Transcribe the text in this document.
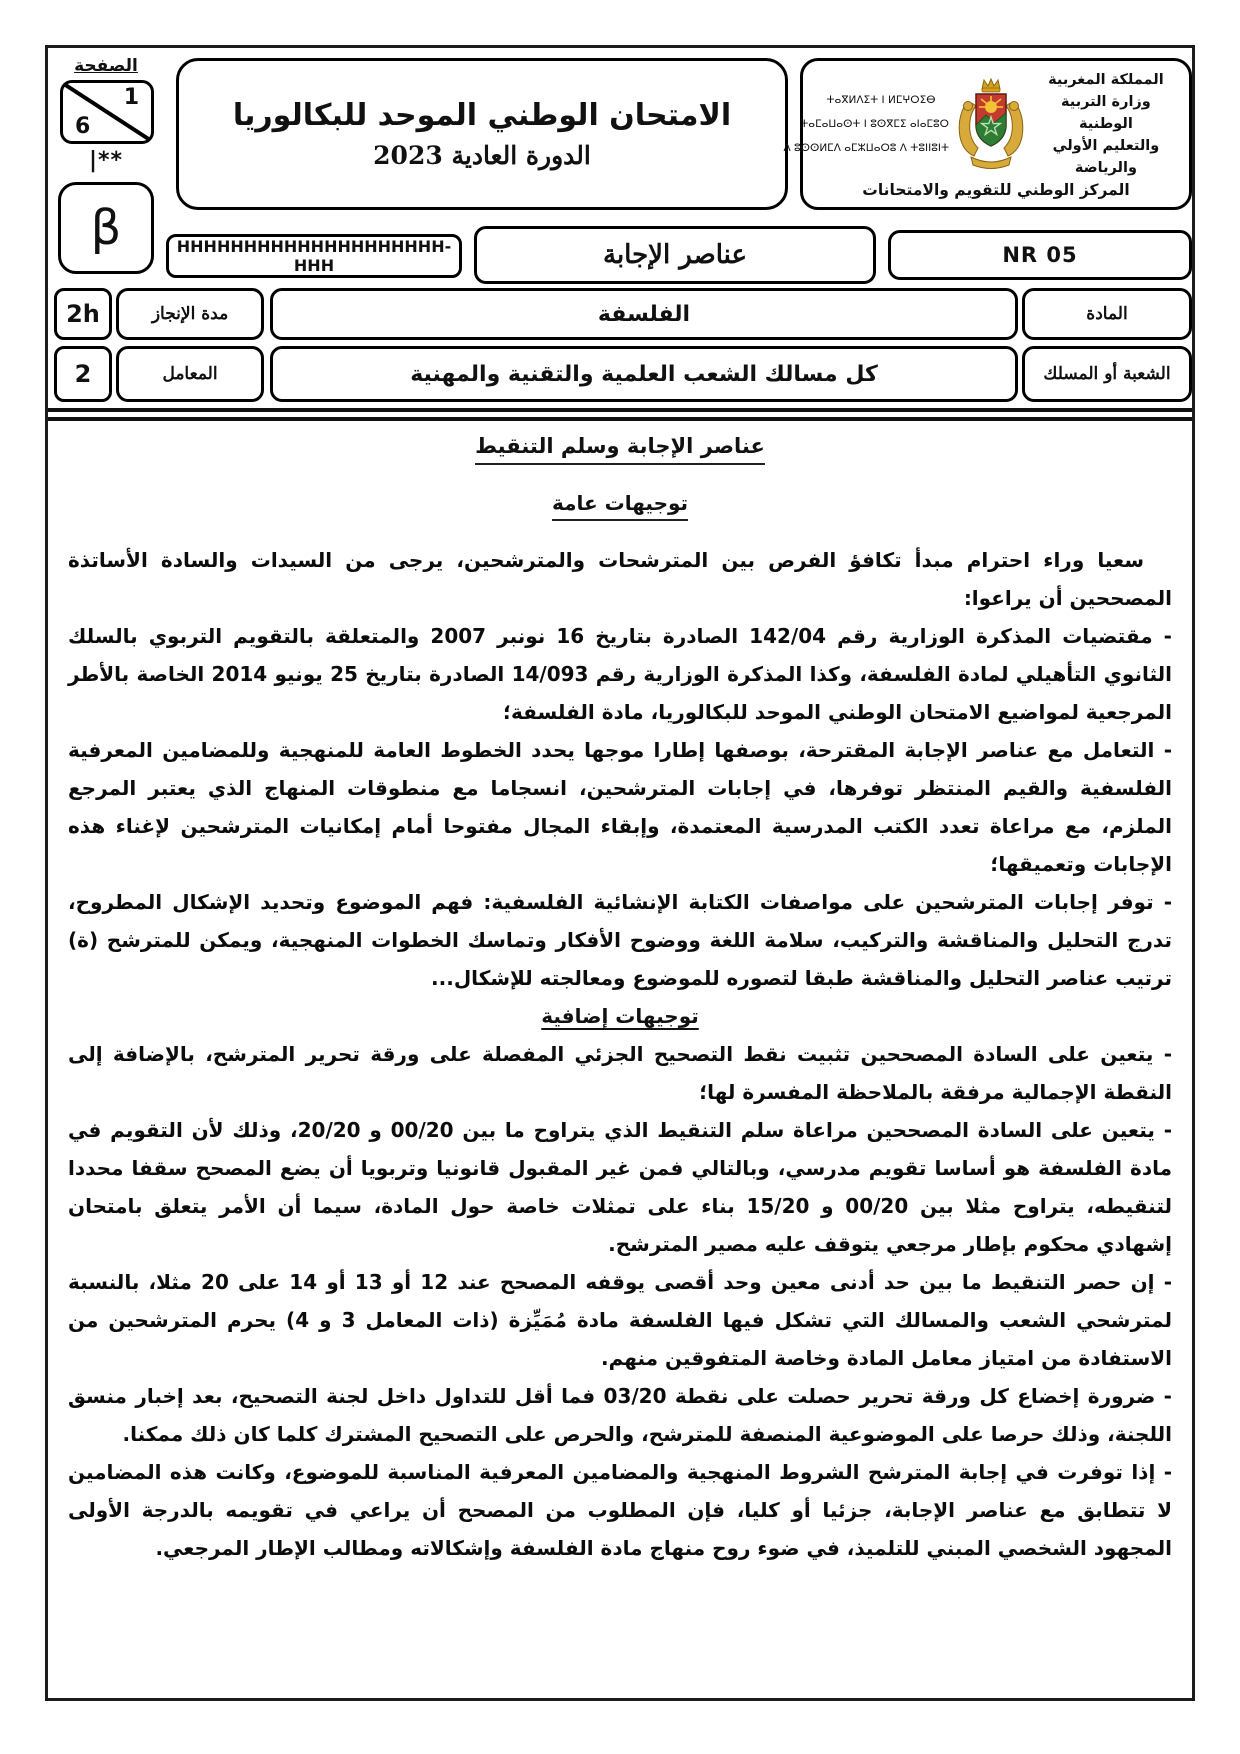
الصفحة
1
6
|**
β
الامتحان الوطني الموحد للبكالوريا
الدورة العادية 2023
المملكة المغربية
وزارة التربية الوطنية
والتعليم الأولي والرياضة
ⵜⴰⴳⵍⴷⵉⵜ ⵏ ⵍⵎⵖⵔⵉⴱ
ⵜⴰⵎⴰⵡⴰⵙⵜ ⵏ ⵓⵙⴳⵎⵉ ⴰⵏⴰⵎⵓⵔ
ⴷ ⵓⵙⵙⵍⵎⴷ ⴰⵎⵣⵡⴰⵔⵓ ⴷ ⵜⵓⵏⵏⵓⵏⵜ
المركز الوطني للتقويم والامتحانات
HHHHHHHHHHHHHHHHHHHH-HHH	عناصر الإجابة	NR 05
2h	مدة الإنجاز	الفلسفة	المادة
2	المعامل	كل مسالك الشعب العلمية والتقنية والمهنية	الشعبة أو المسلك
عناصر الإجابة وسلم التنقيط
توجيهات عامة

سعيا وراء احترام مبدأ تكافؤ الفرص بين المترشحات والمترشحين، يرجى من السيدات والسادة الأساتذة المصححين أن يراعوا:

- مقتضيات المذكرة الوزارية رقم 142/04 الصادرة بتاريخ 16 نونبر 2007 والمتعلقة بالتقويم التربوي بالسلك الثانوي التأهيلي لمادة الفلسفة، وكذا المذكرة الوزارية رقم 14/093 الصادرة بتاريخ 25 يونيو 2014 الخاصة بالأطر المرجعية لمواضيع الامتحان الوطني الموحد للبكالوريا، مادة الفلسفة؛

- التعامل مع عناصر الإجابة المقترحة، بوصفها إطارا موجها يحدد الخطوط العامة للمنهجية وللمضامين المعرفية الفلسفية والقيم المنتظر توفرها، في إجابات المترشحين، انسجاما مع منطوقات المنهاج الذي يعتبر المرجع الملزم، مع مراعاة تعدد الكتب المدرسية المعتمدة، وإبقاء المجال مفتوحا أمام إمكانيات المترشحين لإغناء هذه الإجابات وتعميقها؛

- توفر إجابات المترشحين على مواصفات الكتابة الإنشائية الفلسفية: فهم الموضوع وتحديد الإشكال المطروح، تدرج التحليل والمناقشة والتركيب، سلامة اللغة ووضوح الأفكار وتماسك الخطوات المنهجية، ويمكن للمترشح (ة) ترتيب عناصر التحليل والمناقشة طبقا لتصوره للموضوع ومعالجته للإشكال...

توجيهات إضافية

- يتعين على السادة المصححين تثبيت نقط التصحيح الجزئي المفصلة على ورقة تحرير المترشح، بالإضافة إلى النقطة الإجمالية مرفقة بالملاحظة المفسرة لها؛

- يتعين على السادة المصححين مراعاة سلم التنقيط الذي يتراوح ما بين 00/20 و 20/20، وذلك لأن التقويم في مادة الفلسفة هو أساسا تقويم مدرسي، وبالتالي فمن غير المقبول قانونيا وتربويا أن يضع المصحح سقفا محددا لتنقيطه، يتراوح مثلا بين 00/20 و 15/20 بناء على تمثلات خاصة حول المادة، سيما أن الأمر يتعلق بامتحان إشهادي محكوم بإطار مرجعي يتوقف عليه مصير المترشح.

- إن حصر التنقيط ما بين حد أدنى معين وحد أقصى يوقفه المصحح عند 12 أو 13 أو 14 على 20 مثلا، بالنسبة لمترشحي الشعب والمسالك التي تشكل فيها الفلسفة مادة مُمَيِّزة (ذات المعامل 3 و 4) يحرم المترشحين من الاستفادة من امتياز معامل المادة وخاصة المتفوقين منهم.

- ضرورة إخضاع كل ورقة تحرير حصلت على نقطة 03/20 فما أقل للتداول داخل لجنة التصحيح، بعد إخبار منسق اللجنة، وذلك حرصا على الموضوعية المنصفة للمترشح، والحرص على التصحيح المشترك كلما كان ذلك ممكنا.

- إذا توفرت في إجابة المترشح الشروط المنهجية والمضامين المعرفية المناسبة للموضوع، وكانت هذه المضامين لا تتطابق مع عناصر الإجابة، جزئيا أو كليا، فإن المطلوب من المصحح أن يراعي في تقويمه بالدرجة الأولى المجهود الشخصي المبني للتلميذ، في ضوء روح منهاج مادة الفلسفة وإشكالاته ومطالب الإطار المرجعي.
